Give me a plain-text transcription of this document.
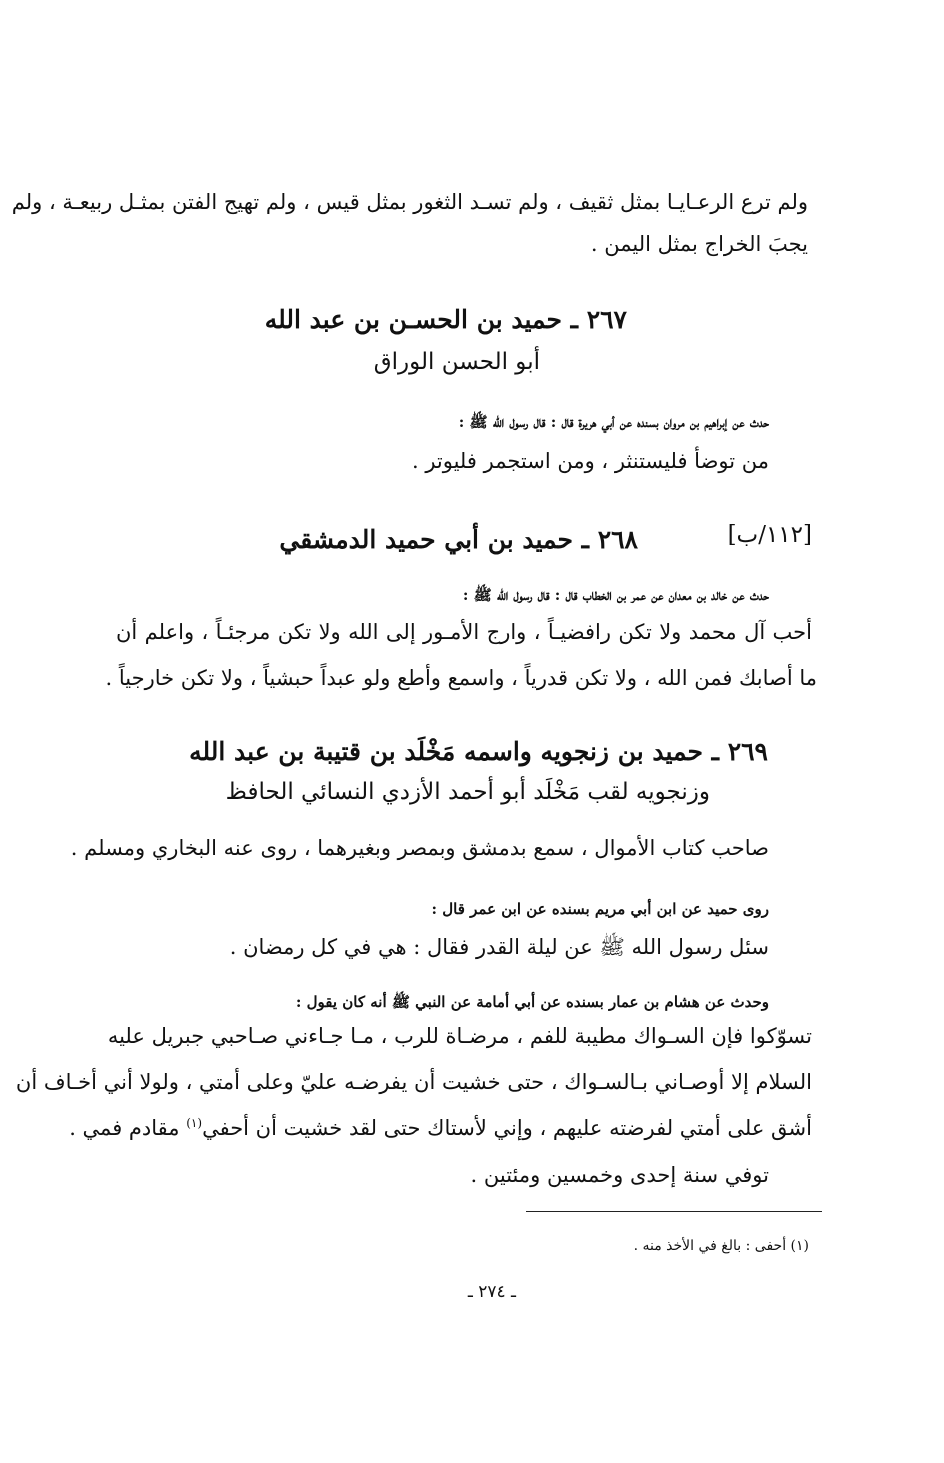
ولم ترع الرعـايـا بمثل ثقيف ، ولم تسـد الثغور بمثل قيس ، ولم تهيج الفتن بمثـل ربيعـة ، ولم

يجبَ الخراج بمثل اليمن .

٢٦٧ ـ حميد بن الحسـن بن عبد الله

أبو الحسن الوراق

حدث عن إبراهيم بن مروان بسنده عن أبي هريرة قال : قال رسول الله ﷺ :

من توضأ فليستنثر ، ومن استجمر فليوتر .

[١١٢/ب]

٢٦٨ ـ حميد بن أبي حميد الدمشقي

حدث عن خالد بن معدان عن عمر بن الخطاب قال : قال رسول الله ﷺ :

أحب آل محمد ولا تكن رافضيـاً ، وارج الأمـور إلى الله ولا تكن مرجئـاً ، واعلم أن

ما أصابك فمن الله ، ولا تكن قدرياً ، واسمع وأطع ولو عبداً حبشياً ، ولا تكن خارجياً .

٢٦٩ ـ حميد بن زنجويه واسمه مَخْلَد بن قتيبة بن عبد الله

وزنجويه لقب مَخْلَد أبو أحمد الأزدي النسائي الحافظ

صاحب كتاب الأموال ، سمع بدمشق وبمصر وبغيرهما ، روى عنه البخاري ومسلم .

روى حميد عن ابن أبي مريم بسنده عن ابن عمر قال :

سئل رسول الله ﷺ عن ليلة القدر فقال : هي في كل رمضان .

وحدث عن هشام بن عمار بسنده عن أبي أمامة عن النبي ﷺ أنه كان يقول :

تسوّكوا فإن السـواك مطيبة للفم ، مرضـاة للرب ، مـا جـاءني صـاحبي جبريل عليه

السلام إلا أوصـاني بـالسـواك ، حتى خشيت أن يفرضـه عليّ وعلى أمتي ، ولولا أني أخـاف أن

أشق على أمتي لفرضته عليهم ، وإني لأستاك حتى لقد خشيت أن أحفي$^{(١)}$ مقادم فمي .

توفي سنة إحدى وخمسين ومئتين .

(١) أحفى : بالغ في الأخذ منه .

ـ ٢٧٤ ـ
